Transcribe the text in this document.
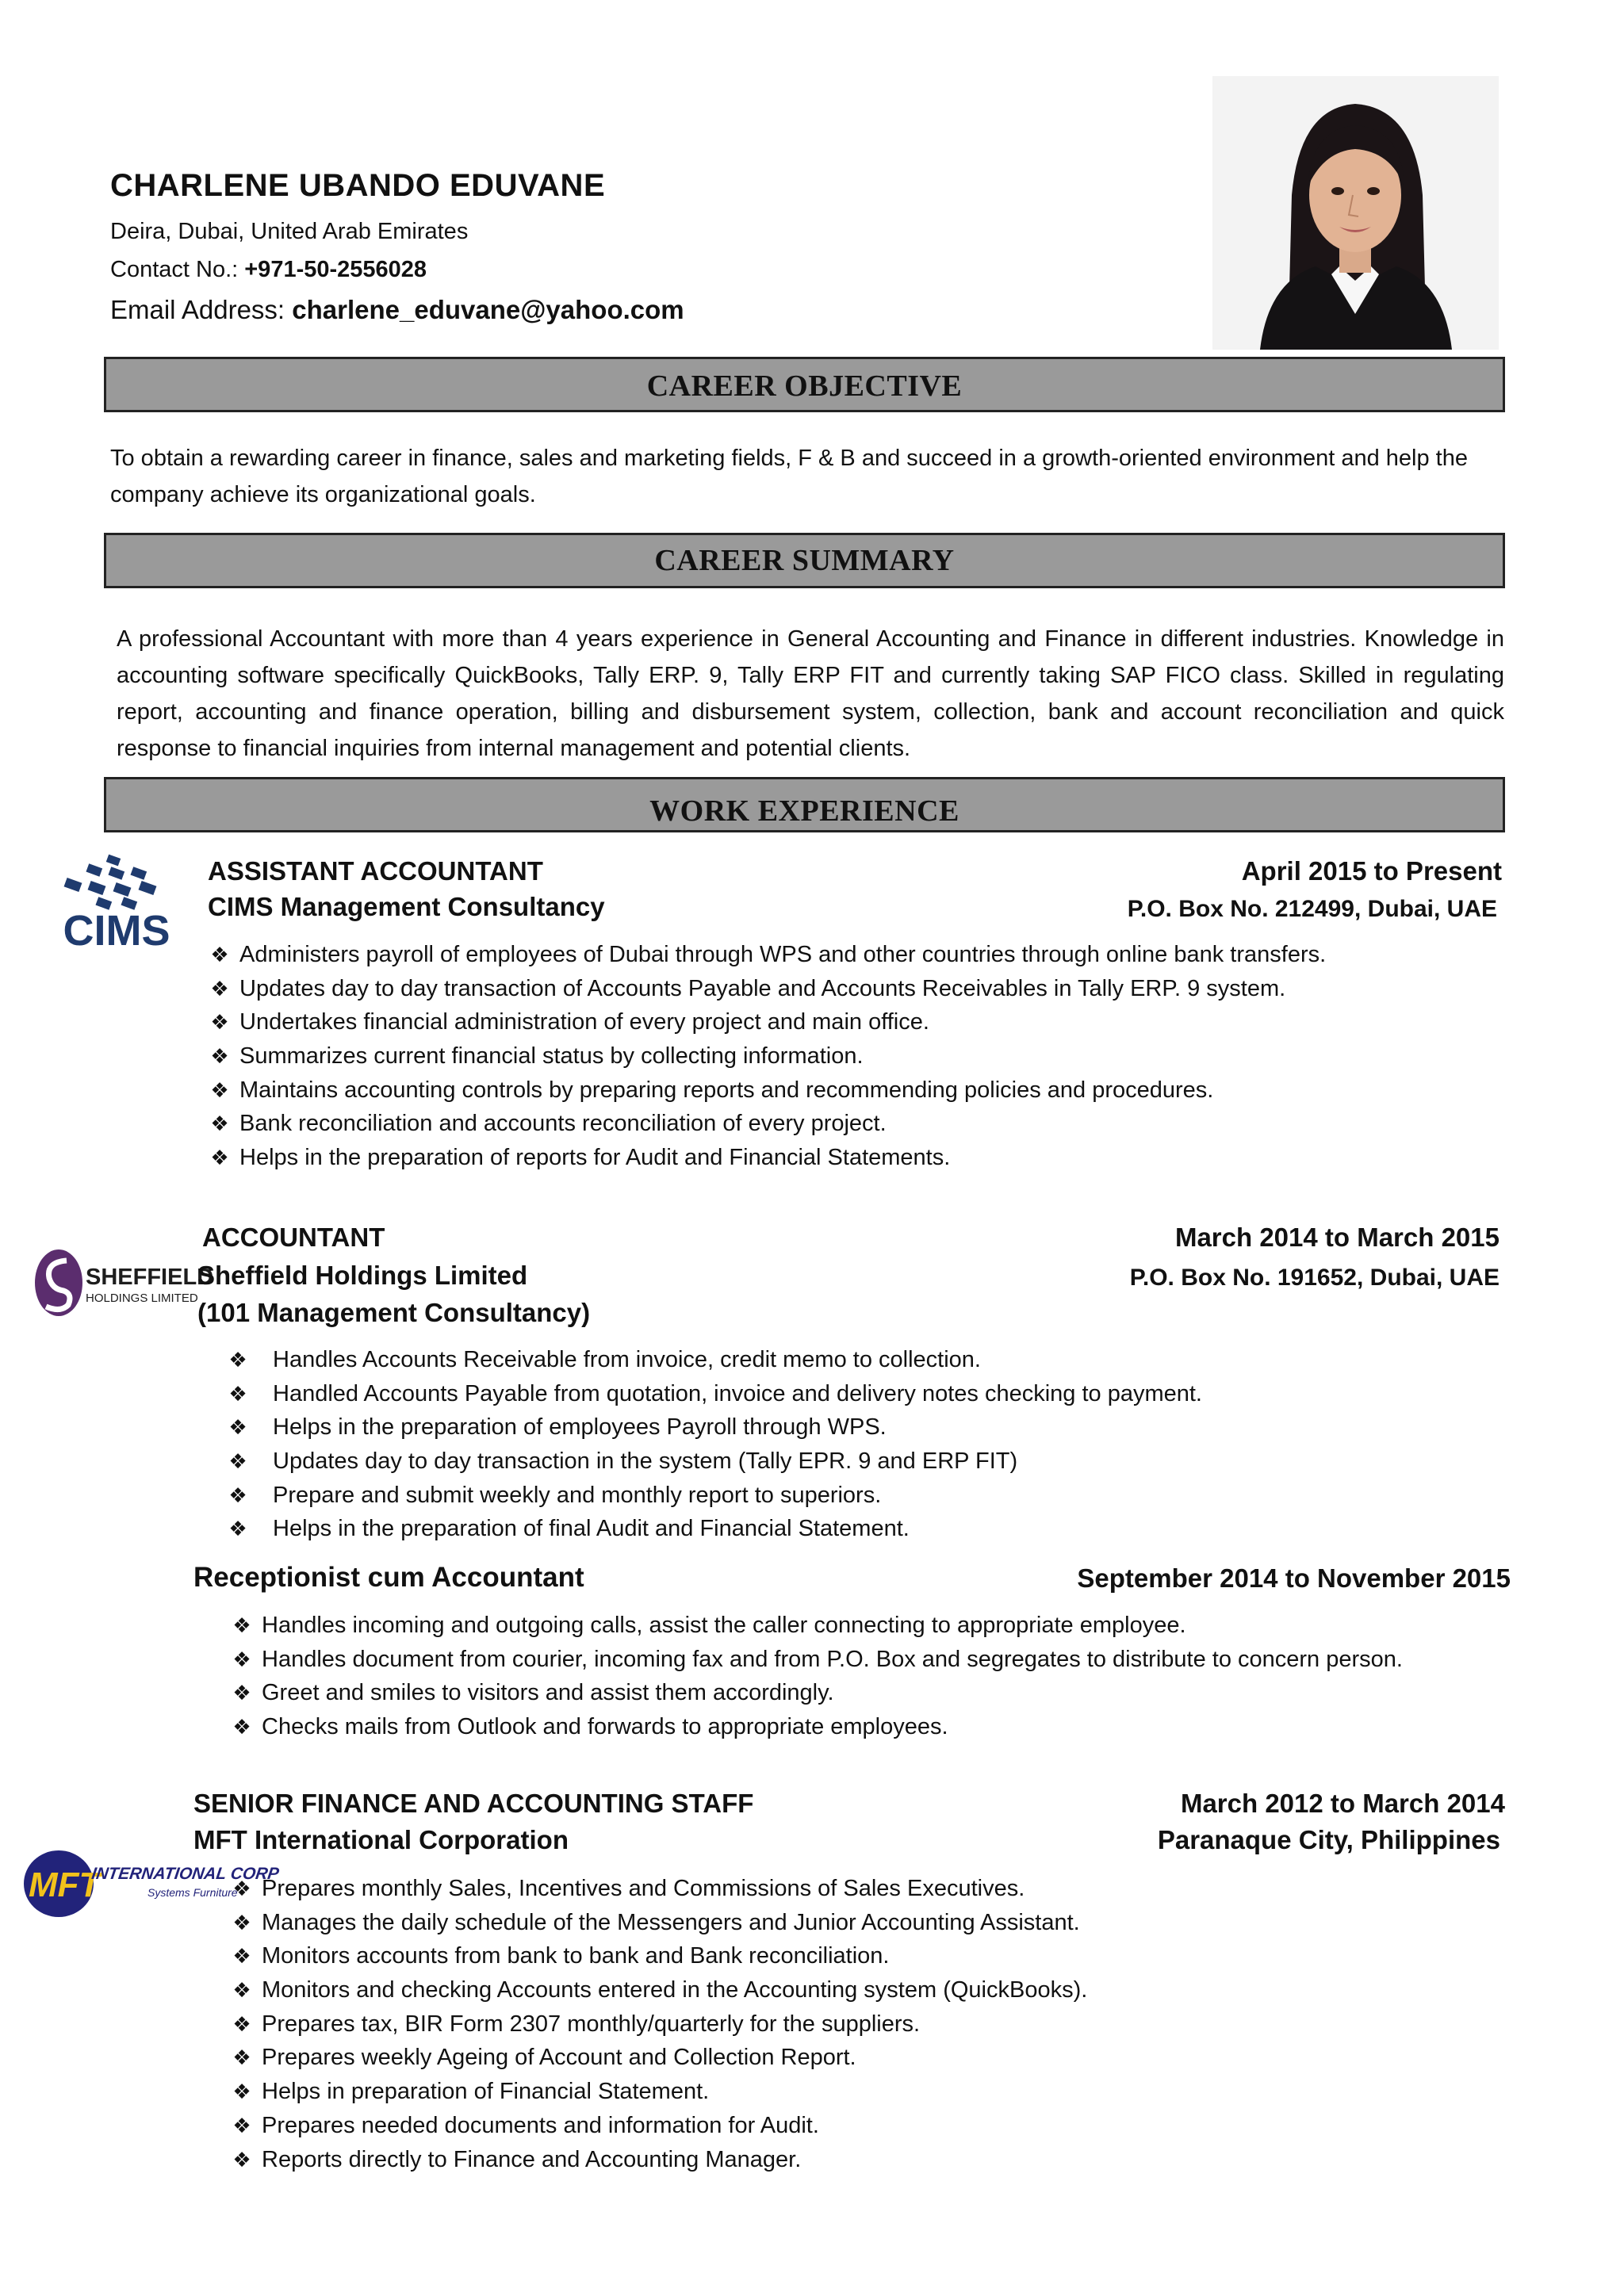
CHARLENE UBANDO EDUVANE
Deira, Dubai, United Arab Emirates
Contact No.: +971-50-2556028
Email Address: charlene_eduvane@yahoo.com
CAREER OBJECTIVE
To obtain a rewarding career in finance, sales and marketing fields, F & B and succeed in a growth-oriented environment and help the company achieve its organizational goals.
CAREER SUMMARY
A professional Accountant with more than 4 years experience in General Accounting and Finance in different industries. Knowledge in accounting software specifically QuickBooks, Tally ERP. 9, Tally ERP FIT and currently taking SAP FICO class. Skilled in regulating report, accounting and finance operation, billing and disbursement system, collection, bank and account reconciliation and quick response to financial inquiries from internal management and potential clients.
WORK EXPERIENCE
CIMS
ASSISTANT ACCOUNTANT
CIMS Management Consultancy
April 2015 to Present
P.O. Box No. 212499, Dubai, UAE
❖ Administers payroll of employees of Dubai through WPS and other countries through online bank transfers.
❖ Updates day to day transaction of Accounts Payable and Accounts Receivables in Tally ERP. 9 system.
❖ Undertakes financial administration of every project and main office.
❖ Summarizes current financial status by collecting information.
❖ Maintains accounting controls by preparing reports and recommending policies and procedures.
❖ Bank reconciliation and accounts reconciliation of every project.
❖ Helps in the preparation of reports for Audit and Financial Statements.
SHEFFIELD
HOLDINGS LIMITED
ACCOUNTANT
Sheffield Holdings Limited
(101 Management Consultancy)
March 2014 to March 2015
P.O. Box No. 191652, Dubai, UAE
❖ Handles Accounts Receivable from invoice, credit memo to collection.
❖ Handled Accounts Payable from quotation, invoice and delivery notes checking to payment.
❖ Helps in the preparation of employees Payroll through WPS.
❖ Updates day to day transaction in the system (Tally EPR. 9 and ERP FIT)
❖ Prepare and submit weekly and monthly report to superiors.
❖ Helps in the preparation of final Audit and Financial Statement.
Receptionist cum Accountant	September 2014 to November 2015
❖ Handles incoming and outgoing calls, assist the caller connecting to appropriate employee.
❖ Handles document from courier, incoming fax and from P.O. Box and segregates to distribute to concern person.
❖ Greet and smiles to visitors and assist them accordingly.
❖ Checks mails from Outlook and forwards to appropriate employees.
MFT
INTERNATIONAL CORP
Systems Furniture
SENIOR FINANCE AND ACCOUNTING STAFF
MFT International Corporation
March 2012 to March 2014
Paranaque City, Philippines
❖ Prepares monthly Sales, Incentives and Commissions of Sales Executives.
❖ Manages the daily schedule of the Messengers and Junior Accounting Assistant.
❖ Monitors accounts from bank to bank and Bank reconciliation.
❖ Monitors and checking Accounts entered in the Accounting system (QuickBooks).
❖ Prepares tax, BIR Form 2307 monthly/quarterly for the suppliers.
❖ Prepares weekly Ageing of Account and Collection Report.
❖ Helps in preparation of Financial Statement.
❖ Prepares needed documents and information for Audit.
❖ Reports directly to Finance and Accounting Manager.
